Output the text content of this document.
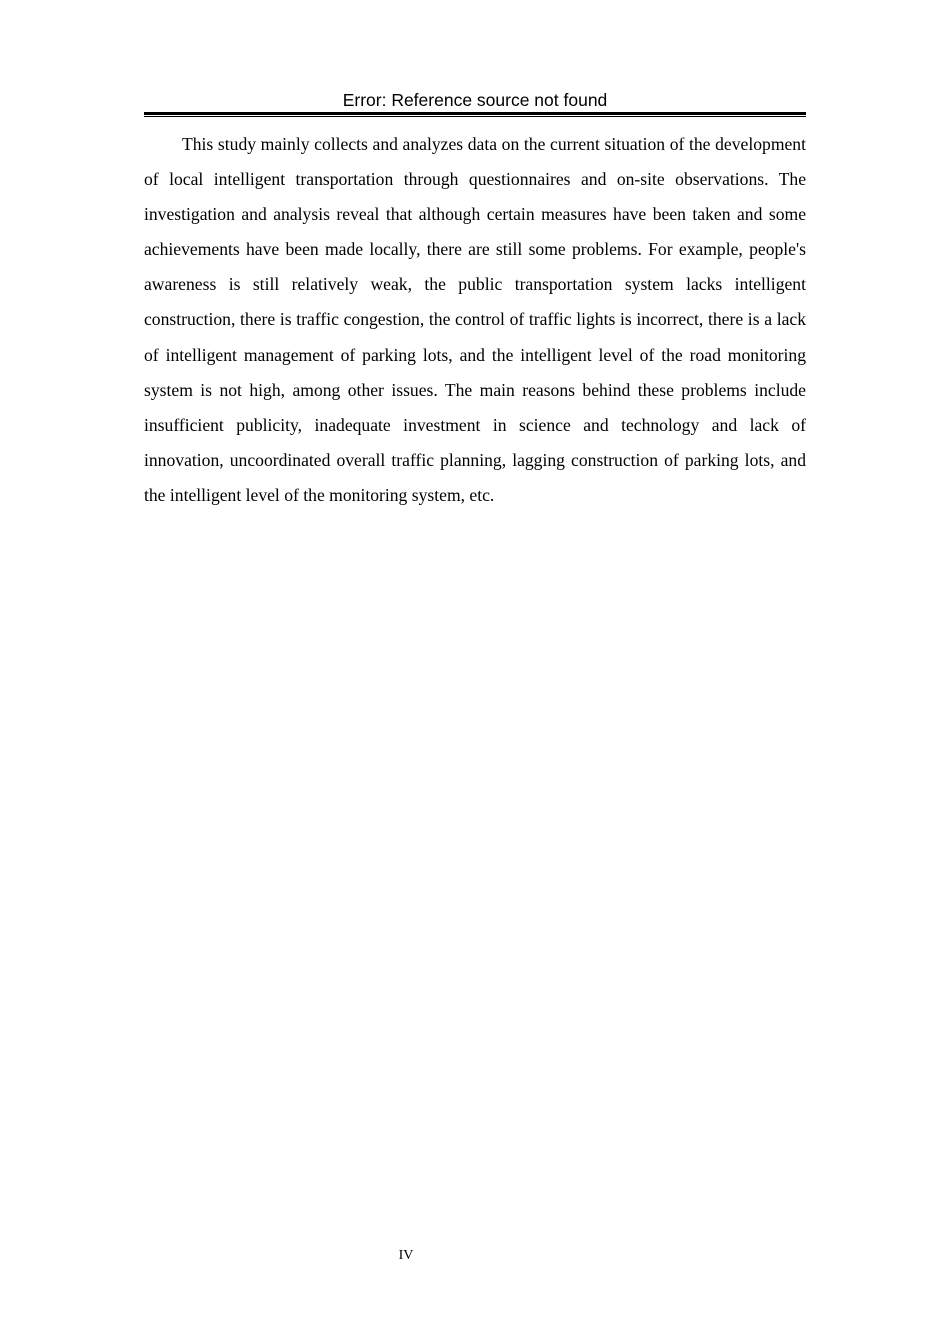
Error: Reference source not found

This study mainly collects and analyzes data on the current situation of the development of local intelligent transportation through questionnaires and on-site observations. The investigation and analysis reveal that although certain measures have been taken and some achievements have been made locally, there are still some problems. For example, people's awareness is still relatively weak, the public transportation system lacks intelligent construction, there is traffic congestion, the control of traffic lights is incorrect, there is a lack of intelligent management of parking lots, and the intelligent level of the road monitoring system is not high, among other issues. The main reasons behind these problems include insufficient publicity, inadequate investment in science and technology and lack of innovation, uncoordinated overall traffic planning, lagging construction of parking lots, and the intelligent level of the monitoring system, etc.

IV
